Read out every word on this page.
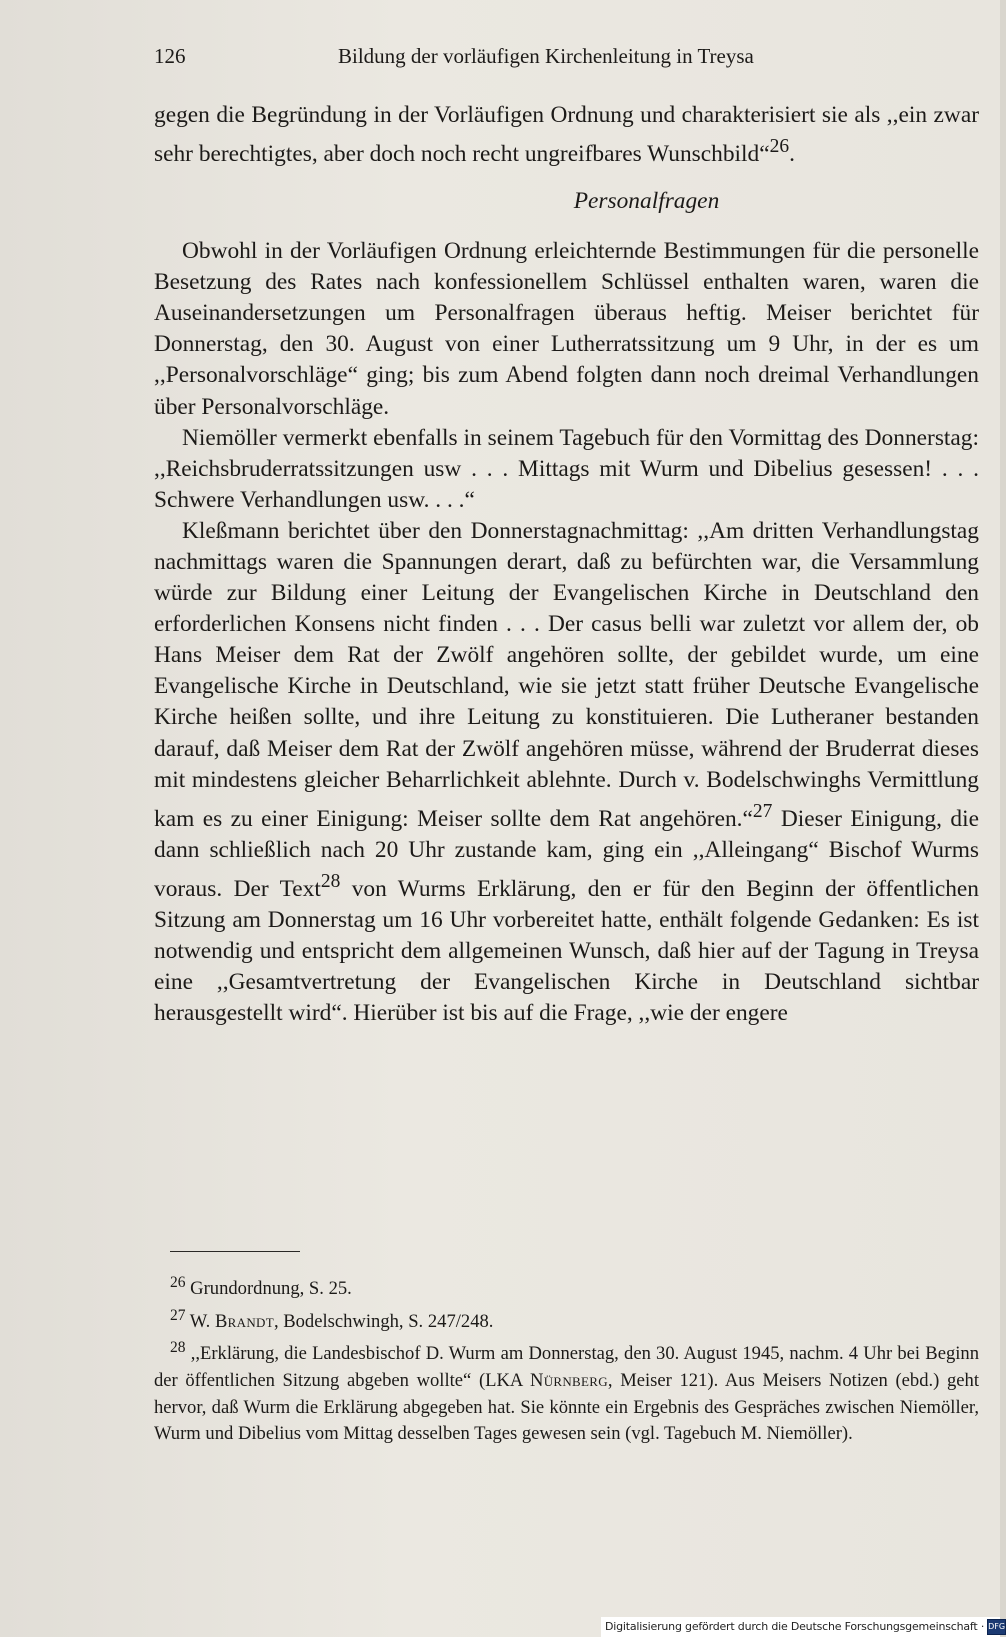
126	Bildung der vorläufigen Kirchenleitung in Treysa

gegen die Begründung in der Vorläufigen Ordnung und charakterisiert sie als ,,ein zwar sehr berechtigtes, aber doch noch recht ungreifbares Wunschbild“$^{26}$.

Personalfragen

Obwohl in der Vorläufigen Ordnung erleichternde Bestimmungen für die personelle Besetzung des Rates nach konfessionellem Schlüssel enthalten waren, waren die Auseinandersetzungen um Personalfragen überaus heftig. Meiser berichtet für Donnerstag, den 30. August von einer Lutherratssitzung um 9 Uhr, in der es um ,,Personalvorschläge“ ging; bis zum Abend folgten dann noch dreimal Verhandlungen über Personalvorschläge.

Niemöller vermerkt ebenfalls in seinem Tagebuch für den Vormittag des Donnerstag: ,,Reichsbruderratssitzungen usw . . . Mittags mit Wurm und Dibelius gesessen! . . . Schwere Verhandlungen usw. . . .“

Kleßmann berichtet über den Donnerstagnachmittag: ,,Am dritten Verhandlungstag nachmittags waren die Spannungen derart, daß zu befürchten war, die Versammlung würde zur Bildung einer Leitung der Evangelischen Kirche in Deutschland den erforderlichen Konsens nicht finden . . . Der casus belli war zuletzt vor allem der, ob Hans Meiser dem Rat der Zwölf angehören sollte, der gebildet wurde, um eine Evangelische Kirche in Deutschland, wie sie jetzt statt früher Deutsche Evangelische Kirche heißen sollte, und ihre Leitung zu konstituieren. Die Lutheraner bestanden darauf, daß Meiser dem Rat der Zwölf angehören müsse, während der Bruderrat dieses mit mindestens gleicher Beharrlichkeit ablehnte. Durch v. Bodelschwinghs Vermittlung kam es zu einer Einigung: Meiser sollte dem Rat angehören.“$^{27}$ Dieser Einigung, die dann schließlich nach 20 Uhr zustande kam, ging ein ,,Alleingang“ Bischof Wurms voraus. Der Text$^{28}$ von Wurms Erklärung, den er für den Beginn der öffentlichen Sitzung am Donnerstag um 16 Uhr vorbereitet hatte, enthält folgende Gedanken: Es ist notwendig und entspricht dem allgemeinen Wunsch, daß hier auf der Tagung in Treysa eine ,,Gesamtvertretung der Evangelischen Kirche in Deutschland sichtbar herausgestellt wird“. Hierüber ist bis auf die Frage, ,,wie der engere

$^{26}$ Grundordnung, S. 25.

$^{27}$ W. Brandt, Bodelschwingh, S. 247/248.

$^{28}$ ,,Erklärung, die Landesbischof D. Wurm am Donnerstag, den 30. August 1945, nachm. 4 Uhr bei Beginn der öffentlichen Sitzung abgeben wollte“ (LKA Nürnberg, Meiser 121). Aus Meisers Notizen (ebd.) geht hervor, daß Wurm die Erklärung abgegeben hat. Sie könnte ein Ergebnis des Gespräches zwischen Niemöller, Wurm und Dibelius vom Mittag desselben Tages gewesen sein (vgl. Tagebuch M. Niemöller).

Digitalisierung gefördert durch die Deutsche Forschungsgemeinschaft · DFG
